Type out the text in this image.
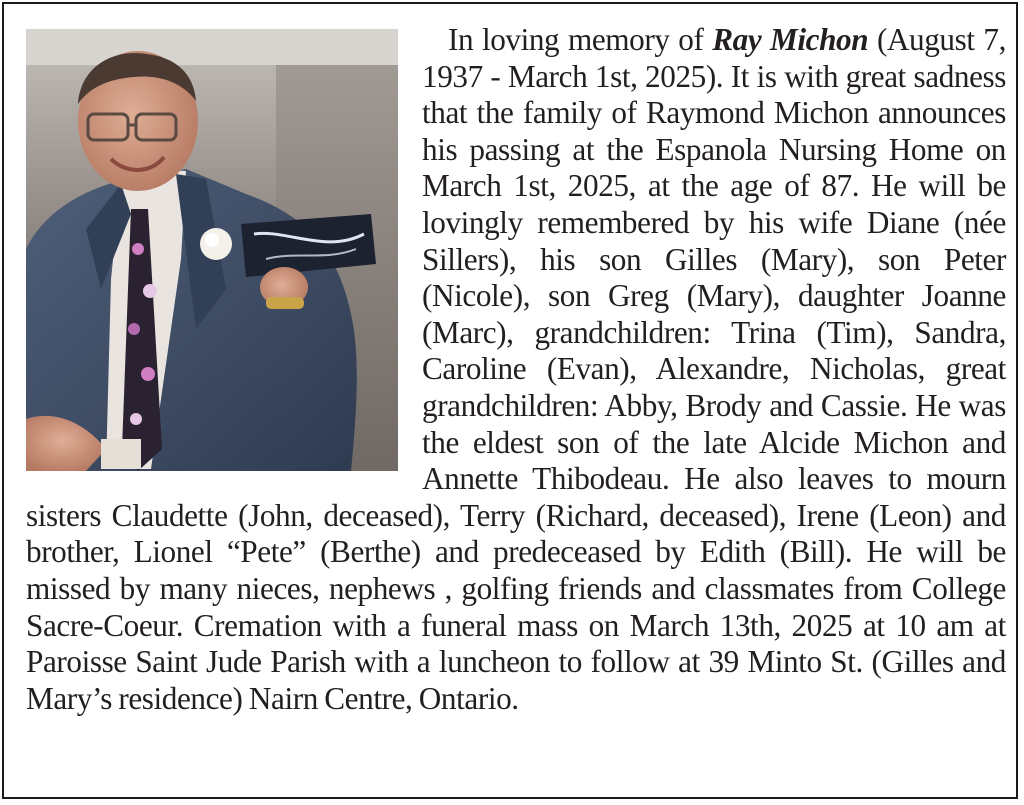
In loving memory of Ray Michon (August 7, 1937 - March 1st, 2025). It is with great sadness that the family of Raymond Michon announces his passing at the Espanola Nursing Home on March 1st, 2025, at the age of 87. He will be lovingly remembered by his wife Diane (née Sillers), his son Gilles (Mary), son Peter (Nicole), son Greg (Mary), daughter Joanne (Marc), grandchildren: Trina (Tim), Sandra, Caroline (Evan), Alexandre, Nicholas, great grandchildren: Abby, Brody and Cassie. He was the eldest son of the late Alcide Michon and Annette Thibodeau. He also leaves to mourn sisters Claudette (John, deceased), Terry (Richard, deceased), Irene (Leon) and brother, Lionel “Pete” (Berthe) and predeceased by Edith (Bill). He will be missed by many nieces, nephews , golfing friends and classmates from College Sacre-Coeur. Cremation with a funeral mass on March 13th, 2025 at 10 am at Paroisse Saint Jude Parish with a luncheon to follow at 39 Minto St. (Gilles and Mary’s residence) Nairn Centre, Ontario.
